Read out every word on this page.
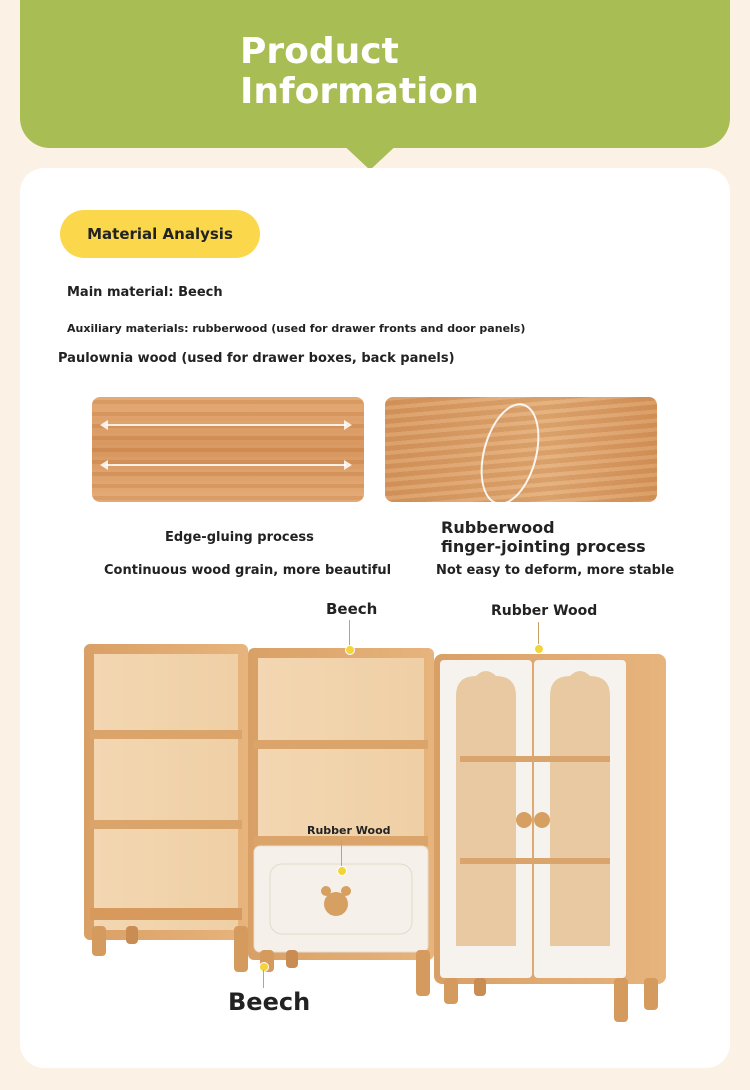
Product
Information
Material Analysis
Main material: Beech
Auxiliary materials: rubberwood (used for drawer fronts and door panels)
Paulownia wood (used for drawer boxes, back panels)
Edge-gluing process
Continuous wood grain, more beautiful
Rubberwood
finger-jointing process
Not easy to deform, more stable
Beech	Rubber Wood
Rubber Wood
Beech
